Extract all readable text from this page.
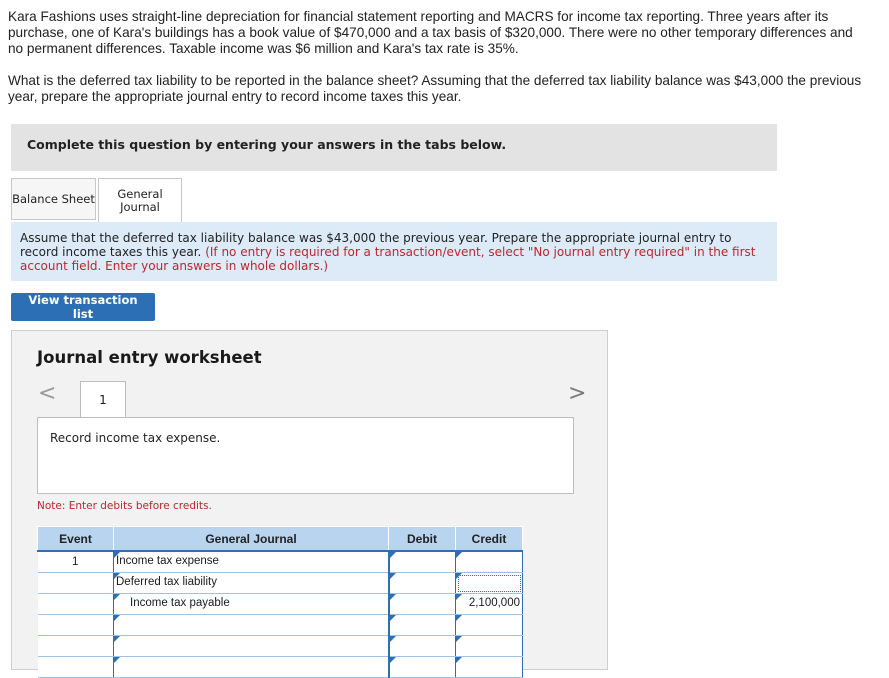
Kara Fashions uses straight-line depreciation for financial statement reporting and MACRS for income tax reporting. Three years after its purchase, one of Kara's buildings has a book value of $470,000 and a tax basis of $320,000. There were no other temporary differences and no permanent differences. Taxable income was $6 million and Kara's tax rate is 35%.

What is the deferred tax liability to be reported in the balance sheet? Assuming that the deferred tax liability balance was $43,000 the previous year, prepare the appropriate journal entry to record income taxes this year.

Complete this question by entering your answers in the tabs below.
Balance Sheet	General Journal
Assume that the deferred tax liability balance was $43,000 the previous year. Prepare the appropriate journal entry to record income taxes this year. (If no entry is required for a transaction/event, select "No journal entry required" in the first account field. Enter your answers in whole dollars.)
View transaction list
Journal entry worksheet
<	1	>
Record income tax expense.
Note: Enter debits before credits.
Event	General Journal	Debit	Credit
1	Income tax expense		

	Deferred tax liability		

	Income tax payable		2,100,000
